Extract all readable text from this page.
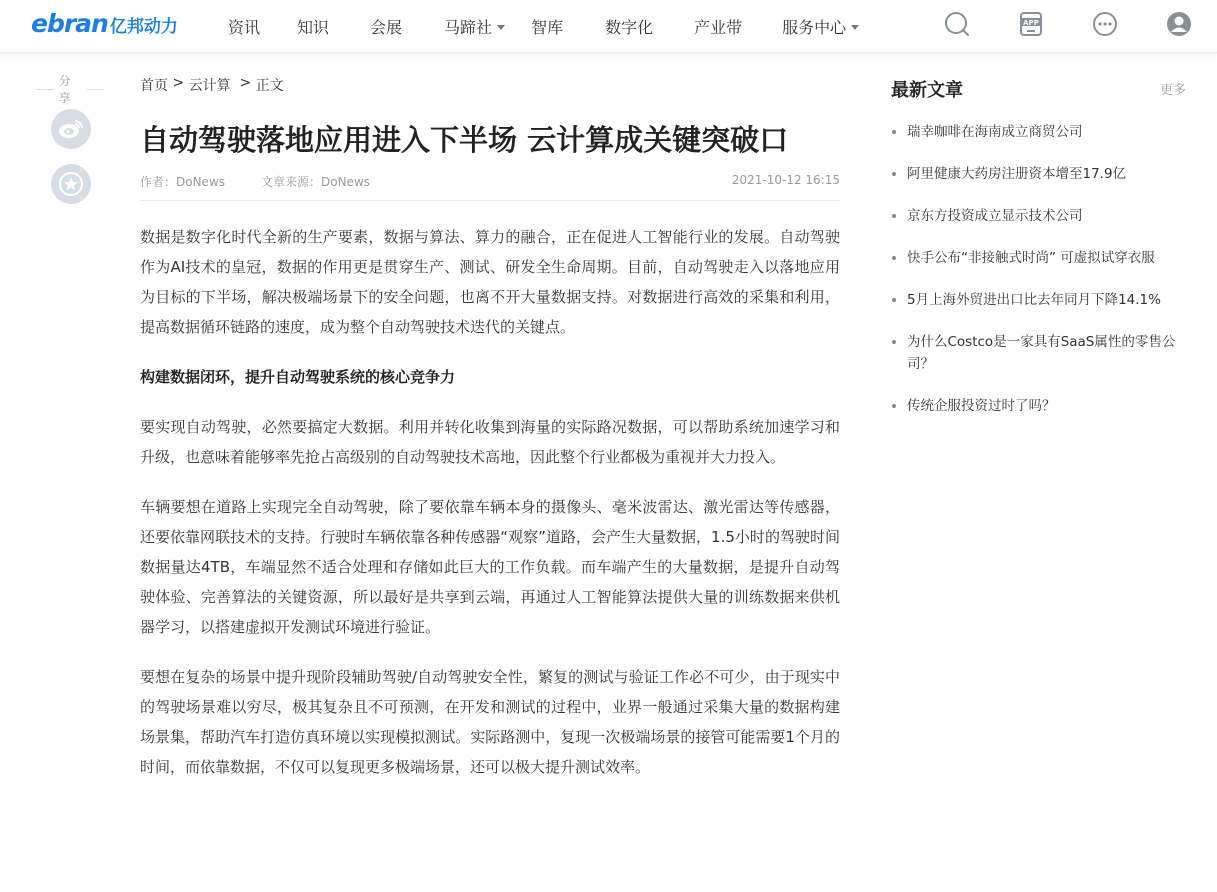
ebran 亿邦动力	资讯 知识	会展	马蹄社 智库	数字化	产业带	服务中心	APP
分享
首页 > 云计算 > 正文
自动驾驶落地应用进入下半场 云计算成关键突破口
作者：DoNews	文章来源：DoNews	2021-10-12 16:15

数据是数字化时代全新的生产要素，数据与算法、算力的融合，正在促进人工智能行业的发展。自动驾驶作为AI技术的皇冠，数据的作用更是贯穿生产、测试、研发全生命周期。目前，自动驾驶走入以落地应用为目标的下半场，解决极端场景下的安全问题，也离不开大量数据支持。对数据进行高效的采集和利用，提高数据循环链路的速度，成为整个自动驾驶技术迭代的关键点。

构建数据闭环，提升自动驾驶系统的核心竞争力

要实现自动驾驶，必然要搞定大数据。利用并转化收集到海量的实际路况数据，可以帮助系统加速学习和升级，也意味着能够率先抢占高级别的自动驾驶技术高地，因此整个行业都极为重视并大力投入。

车辆要想在道路上实现完全自动驾驶，除了要依靠车辆本身的摄像头、毫米波雷达、激光雷达等传感器，还要依靠网联技术的支持。行驶时车辆依靠各种传感器“观察”道路，会产生大量数据，1.5小时的驾驶时间数据量达4TB，车端显然不适合处理和存储如此巨大的工作负载。而车端产生的大量数据，是提升自动驾驶体验、完善算法的关键资源，所以最好是共享到云端，再通过人工智能算法提供大量的训练数据来供机器学习，以搭建虚拟开发测试环境进行验证。

要想在复杂的场景中提升现阶段辅助驾驶/自动驾驶安全性，繁复的测试与验证工作必不可少，由于现实中的驾驶场景难以穷尽，极其复杂且不可预测，在开发和测试的过程中，业界一般通过采集大量的数据构建场景集，帮助汽车打造仿真环境以实现模拟测试。实际路测中，复现一次极端场景的接管可能需要1个月的时间，而依靠数据，不仅可以复现更多极端场景，还可以极大提升测试效率。

最新文章	更多
瑞幸咖啡在海南成立商贸公司
阿里健康大药房注册资本增至17.9亿
京东方投资成立显示技术公司
快手公布“非接触式时尚” 可虚拟试穿衣服
5月上海外贸进出口比去年同月下降14.1%
为什么Costco是一家具有SaaS属性的零售公司？
传统企服投资过时了吗？
